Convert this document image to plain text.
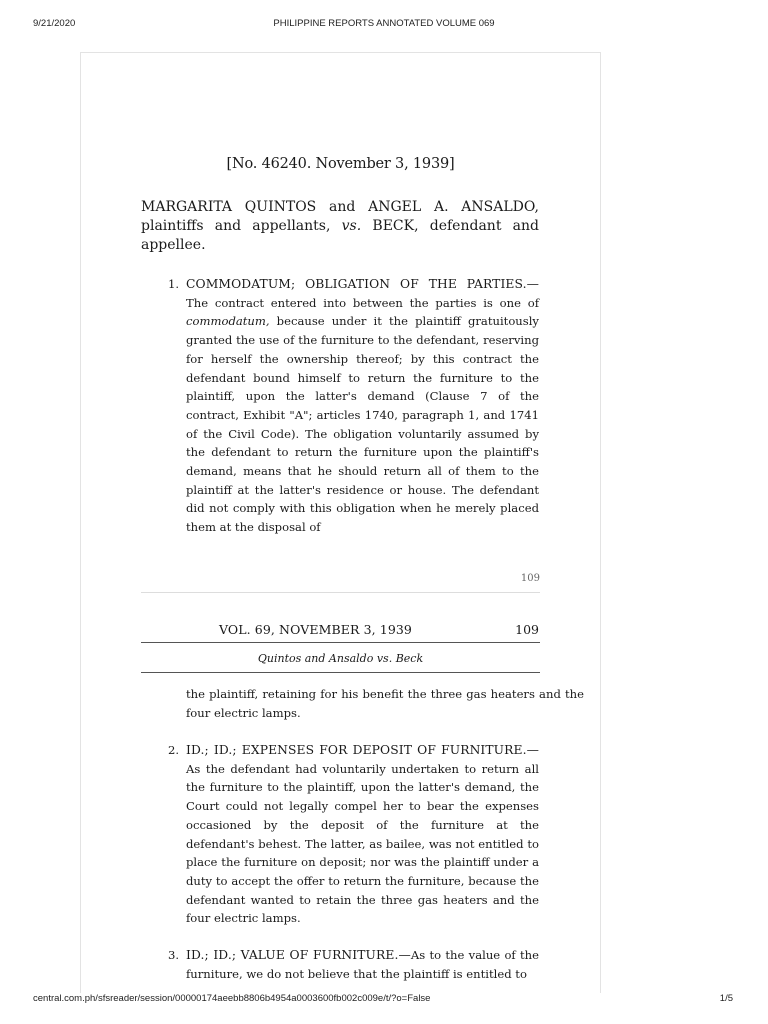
9/21/2020	PHILIPPINE REPORTS ANNOTATED VOLUME 069
[No. 46240. November 3, 1939]
MARGARITA QUINTOS and ANGEL A. ANSALDO, plaintiffs and appellants, vs. BECK, defendant and appellee.
1. COMMODATUM; OBLIGATION OF THE PARTIES.— The contract entered into between the parties is one of commodatum, because under it the plaintiff gratuitously granted the use of the furniture to the defendant, reserving for herself the ownership thereof; by this contract the defendant bound himself to return the furniture to the plaintiff, upon the latter's demand (Clause 7 of the contract, Exhibit "A"; articles 1740, paragraph 1, and 1741 of the Civil Code). The obligation voluntarily assumed by the defendant to return the furniture upon the plaintiff's demand, means that he should return all of them to the plaintiff at the latter's residence or house. The defendant did not comply with this obligation when he merely placed them at the disposal of
109
VOL. 69, NOVEMBER 3, 1939	109
Quintos and Ansaldo vs. Beck
the plaintiff, retaining for his benefit the three gas heaters and the four electric lamps.
2. ID.; ID.; EXPENSES FOR DEPOSIT OF FURNITURE.— As the defendant had voluntarily undertaken to return all the furniture to the plaintiff, upon the latter's demand, the Court could not legally compel her to bear the expenses occasioned by the deposit of the furniture at the defendant's behest. The latter, as bailee, was not entitled to place the furniture on deposit; nor was the plaintiff under a duty to accept the offer to return the furniture, because the defendant wanted to retain the three gas heaters and the four electric lamps.
3. ID.; ID.; VALUE OF FURNITURE.—As to the value of the furniture, we do not believe that the plaintiff is entitled to
central.com.ph/sfsreader/session/00000174aeebb8806b4954a0003600fb002c009e/t/?o=False	1/5
